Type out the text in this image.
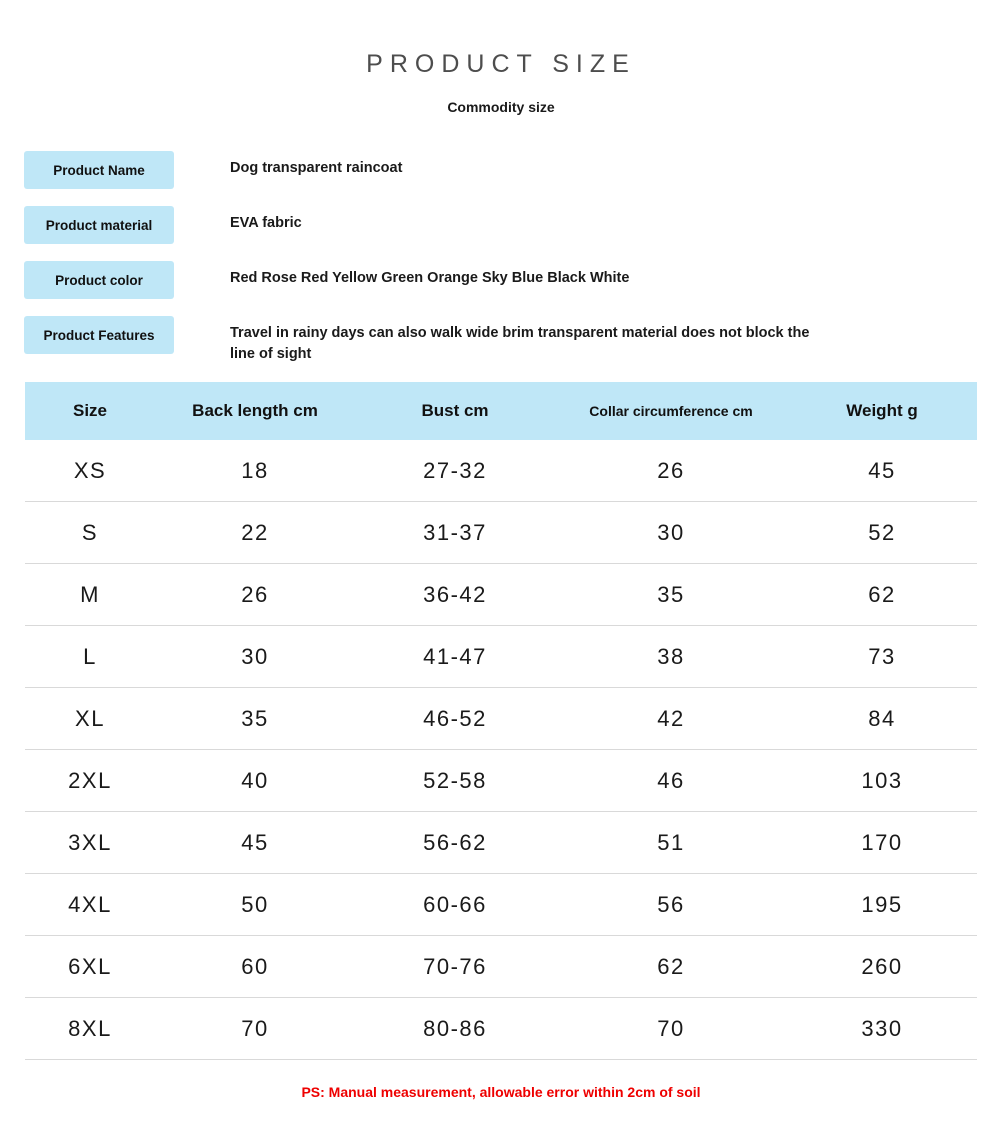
PRODUCT SIZE
Commodity size
Product Name	Dog transparent raincoat
Product material	EVA fabric
Product color	Red Rose Red Yellow Green Orange Sky Blue Black White
Product Features	Travel in rainy days can also walk wide brim transparent material does not block the line of sight
Size	Back length cm	Bust cm	Collar circumference cm	Weight g
XS	18	27-32	26	45
S	22	31-37	30	52
M	26	36-42	35	62
L	30	41-47	38	73
XL	35	46-52	42	84
2XL	40	52-58	46	103
3XL	45	56-62	51	170
4XL	50	60-66	56	195
6XL	60	70-76	62	260
8XL	70	80-86	70	330
PS: Manual measurement, allowable error within 2cm of soil
